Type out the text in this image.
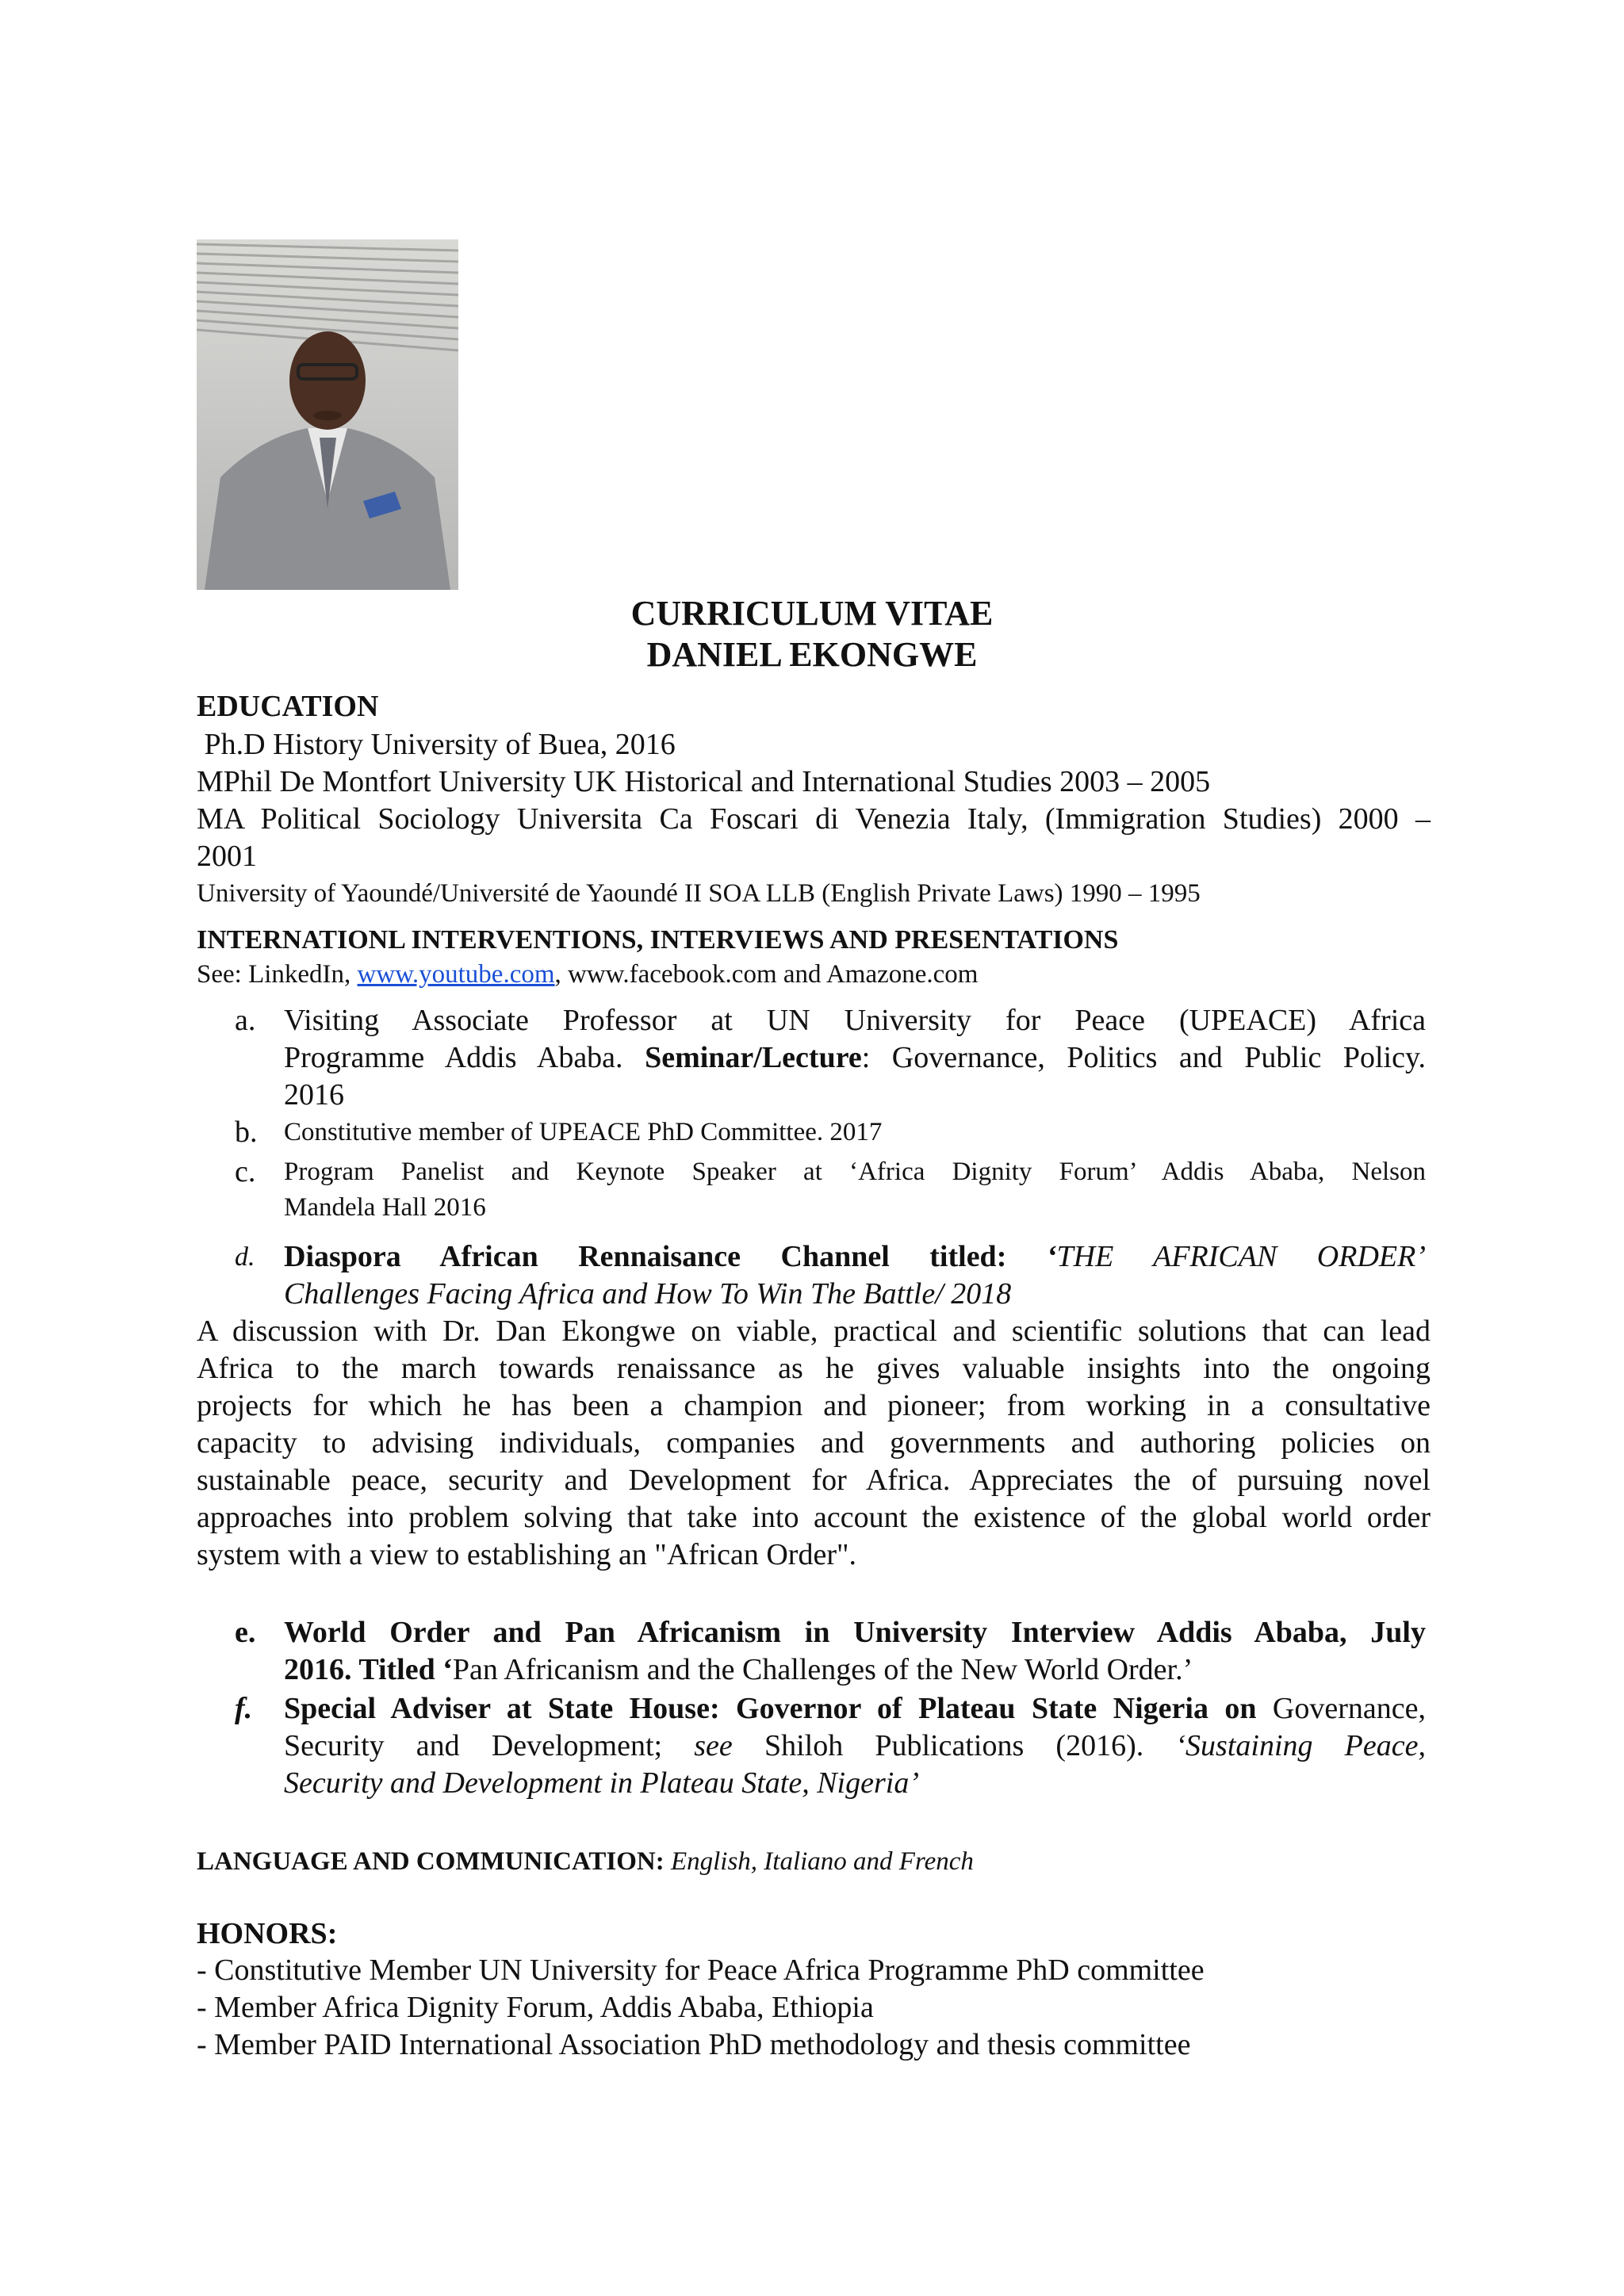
CURRICULUM VITAE
DANIEL EKONGWE
EDUCATION
Ph.D History University of Buea, 2016
MPhil De Montfort University UK Historical and International Studies 2003 – 2005
MA Political Sociology Universita Ca Foscari di Venezia Italy, (Immigration Studies) 2000 –
2001
University of Yaoundé/Université de Yaoundé II SOA LLB (English Private Laws) 1990 – 1995
INTERNATIONL INTERVENTIONS, INTERVIEWS AND PRESENTATIONS
See: LinkedIn, www.youtube.com, www.facebook.com and Amazone.com
a. Visiting Associate Professor at UN University for Peace (UPEACE) Africa
Programme Addis Ababa. Seminar/Lecture: Governance, Politics and Public Policy.
2016
b. Constitutive member of UPEACE PhD Committee. 2017
c. Program Panelist and Keynote Speaker at ‘Africa Dignity Forum’ Addis Ababa, Nelson
Mandela Hall 2016
d. Diaspora African Rennaisance Channel titled: ‘THE AFRICAN ORDER’
Challenges Facing Africa and How To Win The Battle/ 2018
A discussion with Dr. Dan Ekongwe on viable, practical and scientific solutions that can lead
Africa to the march towards renaissance as he gives valuable insights into the ongoing
projects for which he has been a champion and pioneer; from working in a consultative
capacity to advising individuals, companies and governments and authoring policies on
sustainable peace, security and Development for Africa. Appreciates the of pursuing novel
approaches into problem solving that take into account the existence of the global world order
system with a view to establishing an "African Order".
e. World Order and Pan Africanism in University Interview Addis Ababa, July
2016. Titled ‘Pan Africanism and the Challenges of the New World Order.’
f. Special Adviser at State House: Governor of Plateau State Nigeria on Governance,
Security and Development; see Shiloh Publications (2016). ‘Sustaining Peace,
Security and Development in Plateau State, Nigeria’
LANGUAGE AND COMMUNICATION: English, Italiano and French
HONORS:
- Constitutive Member UN University for Peace Africa Programme PhD committee
- Member Africa Dignity Forum, Addis Ababa, Ethiopia
- Member PAID International Association PhD methodology and thesis committee
